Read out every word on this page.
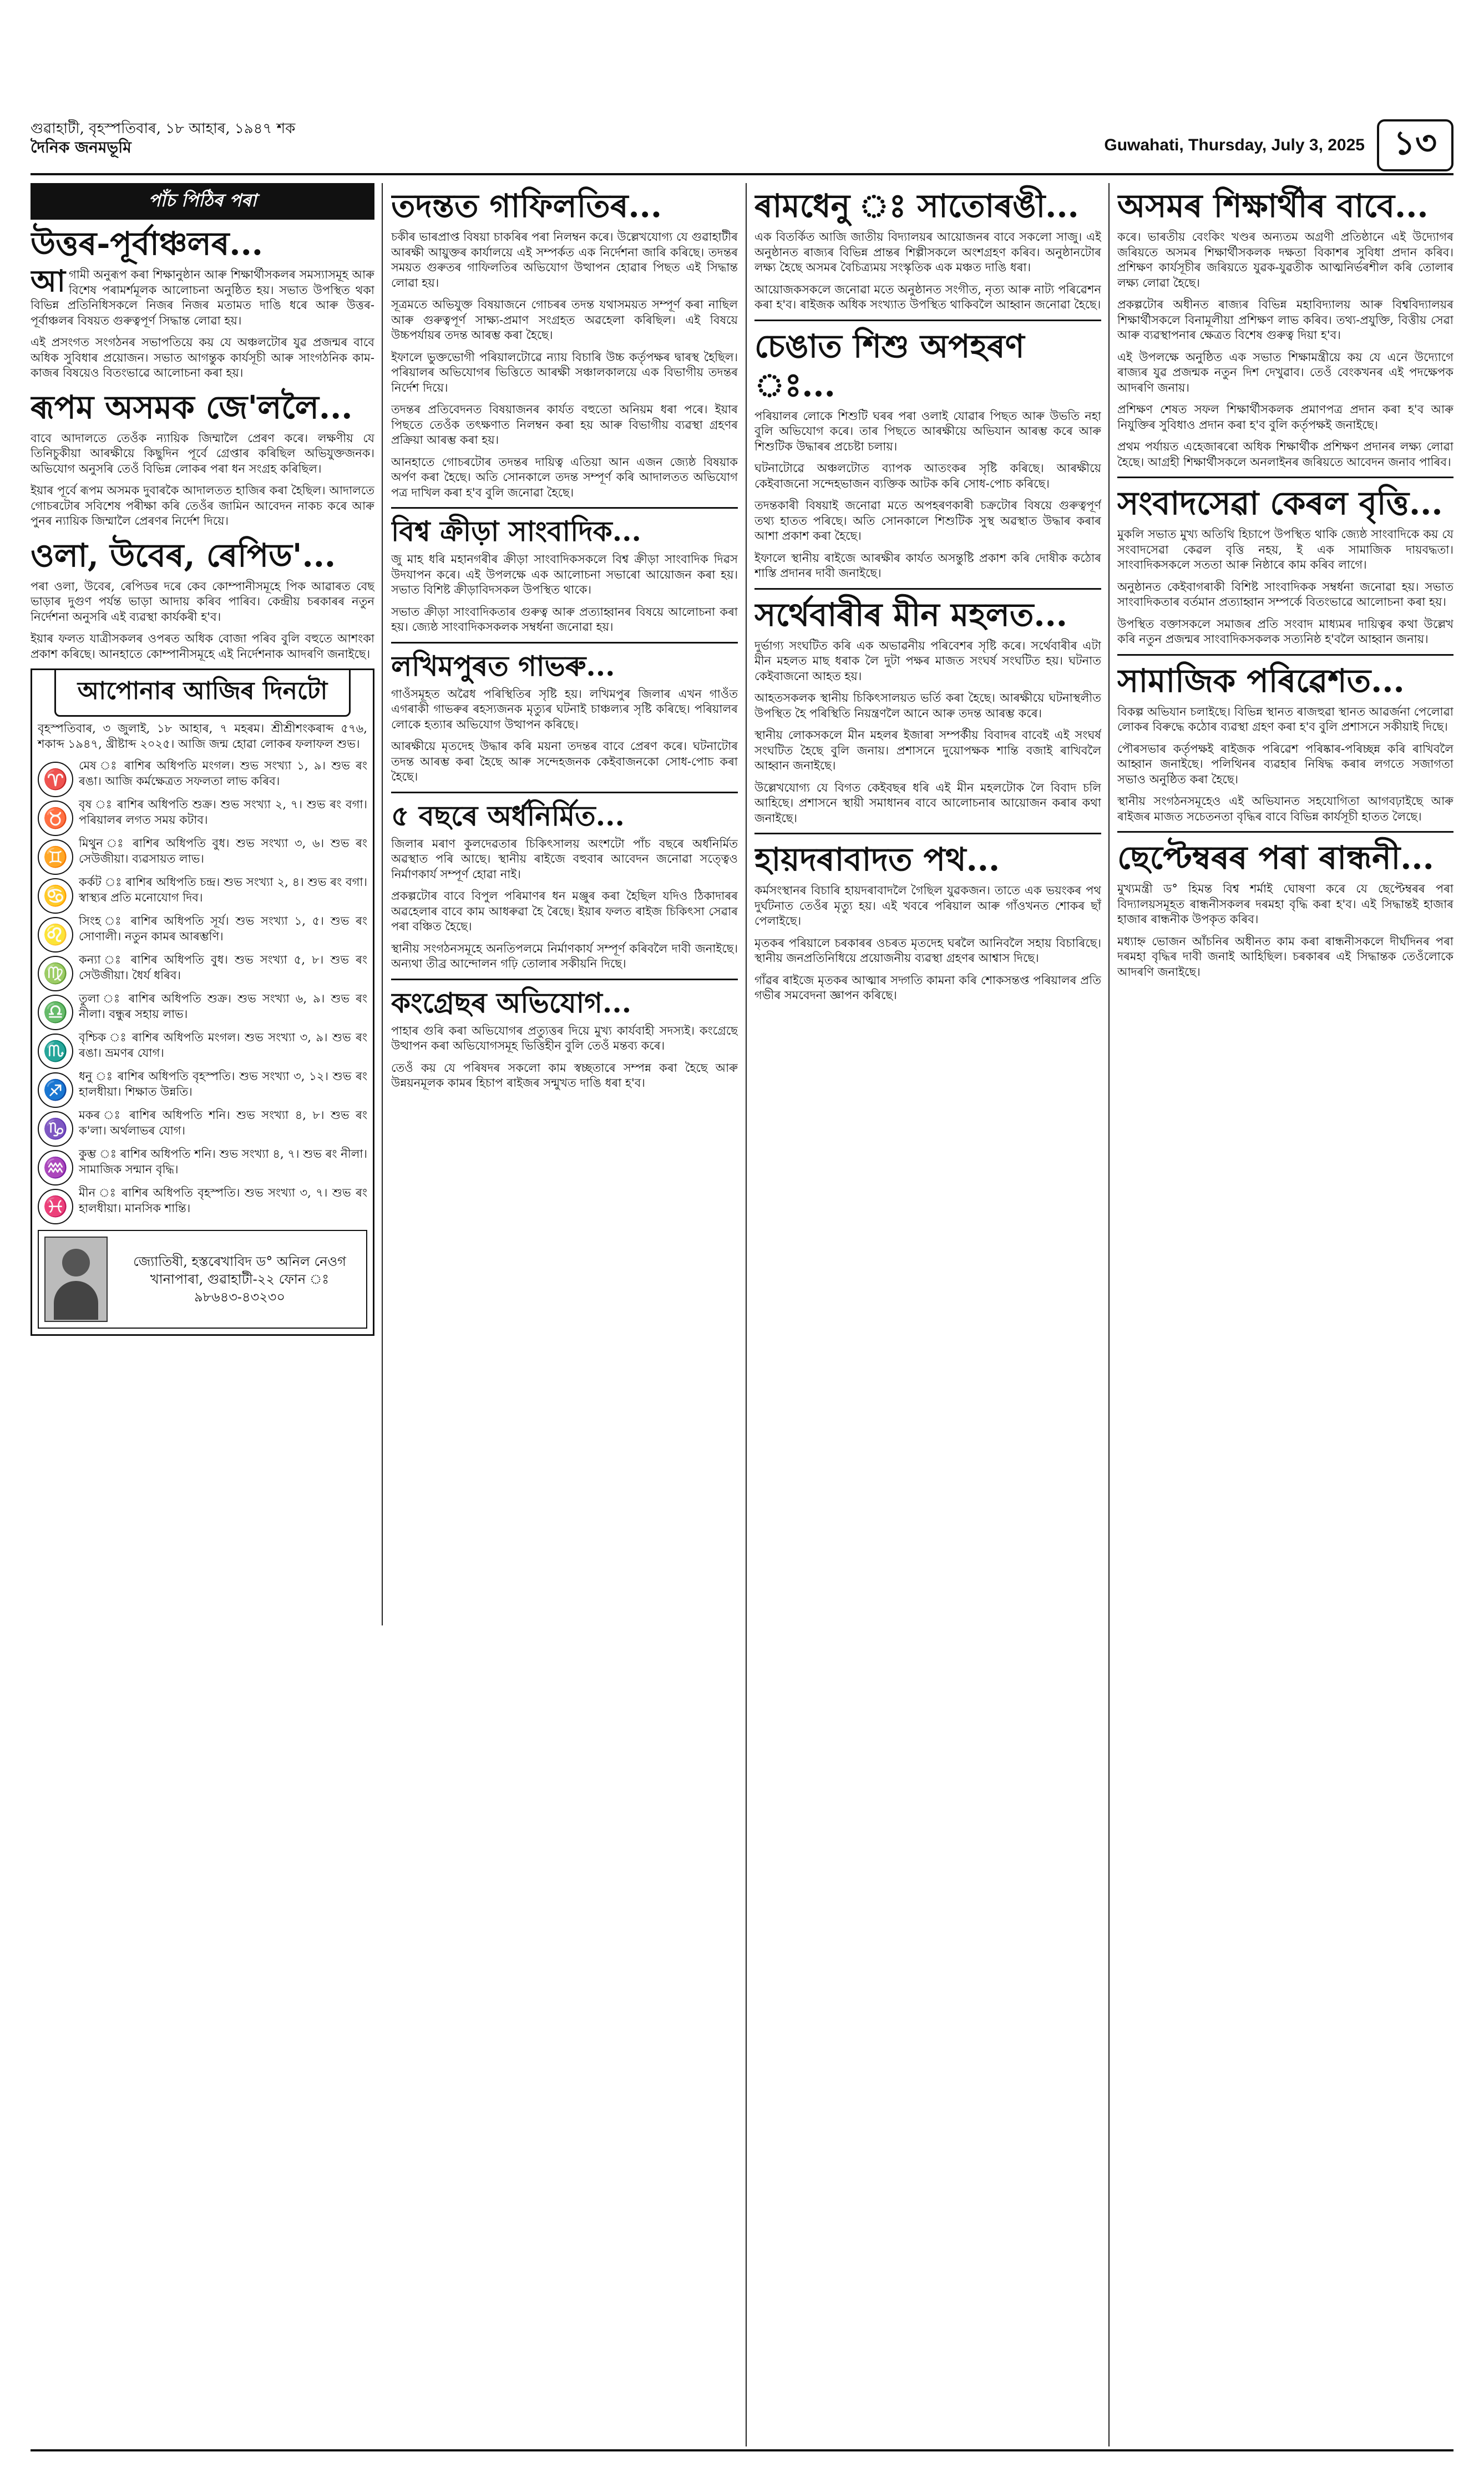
গুৱাহাটী, বৃহস্পতিবাৰ, ১৮ আহাৰ, ১৯৪৭ শক
দৈনিক জনমভূমি	Guwahati, Thursday, July 3, 2025 ১৩
পাঁচ পিঠিৰ পৰা
উত্তৰ-পূৰ্বাঞ্চলৰ...

আগামী অনুৰূপ কৰা শিক্ষানুষ্ঠান আৰু শিক্ষাৰ্থীসকলৰ সমস্যাসমূহ আৰু বিশেষ পৰামৰ্শমূলক আলোচনা অনুষ্ঠিত হয়। সভাত উপস্থিত থকা বিভিন্ন প্ৰতিনিধিসকলে নিজৰ নিজৰ মতামত দাঙি ধৰে আৰু উত্তৰ-পূৰ্বাঞ্চলৰ বিষয়ত গুৰুত্বপূৰ্ণ সিদ্ধান্ত লোৱা হয়।

এই প্ৰসংগত সংগঠনৰ সভাপতিয়ে কয় যে অঞ্চলটোৰ যুৱ প্ৰজন্মৰ বাবে অধিক সুবিধাৰ প্ৰয়োজন। সভাত আগন্তুক কাৰ্যসূচী আৰু সাংগঠনিক কাম-কাজৰ বিষয়েও বিতংভাৱে আলোচনা কৰা হয়।

ৰূপম অসমক জে'ললৈ...

বাবে আদালতে তেওঁক ন্যায়িক জিম্মালৈ প্ৰেৰণ কৰে। লক্ষণীয় যে তিনিচুকীয়া আৰক্ষীয়ে কিছুদিন পূৰ্বে গ্ৰেপ্তাৰ কৰিছিল অভিযুক্তজনক। অভিযোগ অনুসৰি তেওঁ বিভিন্ন লোকৰ পৰা ধন সংগ্ৰহ কৰিছিল।

ইয়াৰ পূৰ্বে ৰূপম অসমক দুবাৰকৈ আদালতত হাজিৰ কৰা হৈছিল। আদালতে গোচৰটোৰ সবিশেষ পৰীক্ষা কৰি তেওঁৰ জামিন আবেদন নাকচ কৰে আৰু পুনৰ ন্যায়িক জিম্মালৈ প্ৰেৰণৰ নিৰ্দেশ দিয়ে।

ওলা, উবেৰ, ৰেপিড'...

পৰা ওলা, উবেৰ, ৰেপিডৰ দৰে কেব কোম্পানীসমূহে পিক আৱাৰত বেছ ভাড়াৰ দুগুণ পৰ্যন্ত ভাড়া আদায় কৰিব পাৰিব। কেন্দ্ৰীয় চৰকাৰৰ নতুন নিৰ্দেশনা অনুসৰি এই ব্যৱস্থা কাৰ্যকৰী হ'ব।

ইয়াৰ ফলত যাত্ৰীসকলৰ ওপৰত অধিক বোজা পৰিব বুলি বহুতে আশংকা প্ৰকাশ কৰিছে। আনহাতে কোম্পানীসমূহে এই নিৰ্দেশনাক আদৰণি জনাইছে।

আপোনাৰ আজিৰ দিনটো

বৃহস্পতিবাৰ, ৩ জুলাই, ১৮ আহাৰ, ৭ মহৰম। শ্ৰীশ্ৰীশংকৰাব্দ ৫৭৬, শকাব্দ ১৯৪৭, খ্ৰীষ্টাব্দ ২০২৫। আজি জন্ম হোৱা লোকৰ ফলাফল শুভ।

♈

মেষ ঃ ৰাশিৰ অধিপতি মংগল। শুভ সংখ্যা ১, ৯। শুভ ৰং ৰঙা। আজি কৰ্মক্ষেত্ৰত সফলতা লাভ কৰিব।

♉

বৃষ ঃ ৰাশিৰ অধিপতি শুক্ৰ। শুভ সংখ্যা ২, ৭। শুভ ৰং বগা। পৰিয়ালৰ লগত সময় কটাব।

♊

মিথুন ঃ ৰাশিৰ অধিপতি বুধ। শুভ সংখ্যা ৩, ৬। শুভ ৰং সেউজীয়া। ব্যৱসায়ত লাভ।

♋

কৰ্কট ঃ ৰাশিৰ অধিপতি চন্দ্ৰ। শুভ সংখ্যা ২, ৪। শুভ ৰং বগা। স্বাস্থ্যৰ প্ৰতি মনোযোগ দিব।

♌

সিংহ ঃ ৰাশিৰ অধিপতি সূৰ্য। শুভ সংখ্যা ১, ৫। শুভ ৰং সোণালী। নতুন কামৰ আৰম্ভণি।

♍

কন্যা ঃ ৰাশিৰ অধিপতি বুধ। শুভ সংখ্যা ৫, ৮। শুভ ৰং সেউজীয়া। ধৈৰ্য ধৰিব।

♎

তুলা ঃ ৰাশিৰ অধিপতি শুক্ৰ। শুভ সংখ্যা ৬, ৯। শুভ ৰং নীলা। বন্ধুৰ সহায় লাভ।

♏

বৃশ্চিক ঃ ৰাশিৰ অধিপতি মংগল। শুভ সংখ্যা ৩, ৯। শুভ ৰং ৰঙা। ভ্ৰমণৰ যোগ।

♐

ধনু ঃ ৰাশিৰ অধিপতি বৃহস্পতি। শুভ সংখ্যা ৩, ১২। শুভ ৰং হালধীয়া। শিক্ষাত উন্নতি।

♑

মকৰ ঃ ৰাশিৰ অধিপতি শনি। শুভ সংখ্যা ৪, ৮। শুভ ৰং ক'লা। অৰ্থলাভৰ যোগ।

♒

কুম্ভ ঃ ৰাশিৰ অধিপতি শনি। শুভ সংখ্যা ৪, ৭। শুভ ৰং নীলা। সামাজিক সন্মান বৃদ্ধি।

♓

মীন ঃ ৰাশিৰ অধিপতি বৃহস্পতি। শুভ সংখ্যা ৩, ৭। শুভ ৰং হালধীয়া। মানসিক শান্তি।

জ্যোতিষী, হস্তৰেখাবিদ ড° অনিল নেওগ খানাপাৰা, গুৱাহাটী-২২ ফোন ঃ ৯৮৬৪৩-৪৩২৩০
তদন্তত গাফিলতিৰ...

চকীৰ ভাৰপ্ৰাপ্ত বিষয়া চাকৰিৰ পৰা নিলম্বন কৰে। উল্লেখযোগ্য যে গুৱাহাটীৰ আৰক্ষী আয়ুক্তৰ কাৰ্যালয়ে এই সম্পৰ্কত এক নিৰ্দেশনা জাৰি কৰিছে। তদন্তৰ সময়ত গুৰুতৰ গাফিলতিৰ অভিযোগ উত্থাপন হোৱাৰ পিছত এই সিদ্ধান্ত লোৱা হয়।

সূত্ৰমতে অভিযুক্ত বিষয়াজনে গোচৰৰ তদন্ত যথাসময়ত সম্পূৰ্ণ কৰা নাছিল আৰু গুৰুত্বপূৰ্ণ সাক্ষ্য-প্ৰমাণ সংগ্ৰহত অৱহেলা কৰিছিল। এই বিষয়ে উচ্চপৰ্যায়ৰ তদন্ত আৰম্ভ কৰা হৈছে।

ইফালে ভুক্তভোগী পৰিয়ালটোৱে ন্যায় বিচাৰি উচ্চ কৰ্তৃপক্ষৰ দ্বাৰস্থ হৈছিল। পৰিয়ালৰ অভিযোগৰ ভিত্তিতে আৰক্ষী সঞ্চালকালয়ে এক বিভাগীয় তদন্তৰ নিৰ্দেশ দিয়ে।

তদন্তৰ প্ৰতিবেদনত বিষয়াজনৰ কাৰ্যত বহুতো অনিয়ম ধৰা পৰে। ইয়াৰ পিছতে তেওঁক তৎক্ষণাত নিলম্বন কৰা হয় আৰু বিভাগীয় ব্যৱস্থা গ্ৰহণৰ প্ৰক্ৰিয়া আৰম্ভ কৰা হয়।

আনহাতে গোচৰটোৰ তদন্তৰ দায়িত্ব এতিয়া আন এজন জ্যেষ্ঠ বিষয়াক অৰ্পণ কৰা হৈছে। অতি সোনকালে তদন্ত সম্পূৰ্ণ কৰি আদালতত অভিযোগ পত্ৰ দাখিল কৰা হ'ব বুলি জনোৱা হৈছে।

বিশ্ব ক্ৰীড়া সাংবাদিক...

জু মাহ ধৰি মহানগৰীৰ ক্ৰীড়া সাংবাদিকসকলে বিশ্ব ক্ৰীড়া সাংবাদিক দিৱস উদযাপন কৰে। এই উপলক্ষে এক আলোচনা সভাৰো আয়োজন কৰা হয়। সভাত বিশিষ্ট ক্ৰীড়াবিদসকল উপস্থিত থাকে।

সভাত ক্ৰীড়া সাংবাদিকতাৰ গুৰুত্ব আৰু প্ৰত্যাহ্বানৰ বিষয়ে আলোচনা কৰা হয়। জ্যেষ্ঠ সাংবাদিকসকলক সম্বৰ্ধনা জনোৱা হয়।

লখিমপুৰত গাভৰু...

গাওঁসমূহত অৱৈধ পৰিস্থিতিৰ সৃষ্টি হয়। লখিমপুৰ জিলাৰ এখন গাওঁত এগৰাকী গাভৰুৰ ৰহস্যজনক মৃত্যুৰ ঘটনাই চাঞ্চল্যৰ সৃষ্টি কৰিছে। পৰিয়ালৰ লোকে হত্যাৰ অভিযোগ উত্থাপন কৰিছে।

আৰক্ষীয়ে মৃতদেহ উদ্ধাৰ কৰি ময়না তদন্তৰ বাবে প্ৰেৰণ কৰে। ঘটনাটোৰ তদন্ত আৰম্ভ কৰা হৈছে আৰু সন্দেহজনক কেইবাজনকো সোধ-পোচ কৰা হৈছে।

৫ বছৰে অৰ্ধনিৰ্মিত...

জিলাৰ মৰাণ কুলদেৱতাৰ চিকিৎসালয় অংশটো পাঁচ বছৰে অৰ্ধনিৰ্মিত অৱস্থাত পৰি আছে। স্থানীয় ৰাইজে বহুবাৰ আবেদন জনোৱা সত্ত্বেও নিৰ্মাণকাৰ্য সম্পূৰ্ণ হোৱা নাই।

প্ৰকল্পটোৰ বাবে বিপুল পৰিমাণৰ ধন মঞ্জুৰ কৰা হৈছিল যদিও ঠিকাদাৰৰ অৱহেলাৰ বাবে কাম আধৰুৱা হৈ ৰৈছে। ইয়াৰ ফলত ৰাইজ চিকিৎসা সেৱাৰ পৰা বঞ্চিত হৈছে।

স্থানীয় সংগঠনসমূহে অনতিপলমে নিৰ্মাণকাৰ্য সম্পূৰ্ণ কৰিবলৈ দাবী জনাইছে। অন্যথা তীব্ৰ আন্দোলন গঢ়ি তোলাৰ সকীয়নি দিছে।

কংগ্ৰেছৰ অভিযোগ...

পাহাৰ গুৰি কৰা অভিযোগৰ প্ৰত্যুত্তৰ দিয়ে মুখ্য কাৰ্যবাহী সদস্যই। কংগ্ৰেছে উত্থাপন কৰা অভিযোগসমূহ ভিত্তিহীন বুলি তেওঁ মন্তব্য কৰে।

তেওঁ কয় যে পৰিষদৰ সকলো কাম স্বচ্ছতাৰে সম্পন্ন কৰা হৈছে আৰু উন্নয়নমূলক কামৰ হিচাপ ৰাইজৰ সন্মুখত দাঙি ধৰা হ'ব।

ৰামধেনু ঃ সাতোৰঙী...

এক বিতৰ্কিত আজি জাতীয় বিদ্যালয়ৰ আয়োজনৰ বাবে সকলো সাজু। এই অনুষ্ঠানত ৰাজ্যৰ বিভিন্ন প্ৰান্তৰ শিল্পীসকলে অংশগ্ৰহণ কৰিব। অনুষ্ঠানটোৰ লক্ষ্য হৈছে অসমৰ বৈচিত্ৰ্যময় সংস্কৃতিক এক মঞ্চত দাঙি ধৰা।

আয়োজকসকলে জনোৱা মতে অনুষ্ঠানত সংগীত, নৃত্য আৰু নাট্য পৰিৱেশন কৰা হ'ব। ৰাইজক অধিক সংখ্যাত উপস্থিত থাকিবলৈ আহ্বান জনোৱা হৈছে।

চেঙাত শিশু অপহৰণ ঃ...

পৰিয়ালৰ লোকে শিশুটি ঘৰৰ পৰা ওলাই যোৱাৰ পিছত আৰু উভতি নহা বুলি অভিযোগ কৰে। তাৰ পিছতে আৰক্ষীয়ে অভিযান আৰম্ভ কৰে আৰু শিশুটিক উদ্ধাৰৰ প্ৰচেষ্টা চলায়।

ঘটনাটোৱে অঞ্চলটোত ব্যাপক আতংকৰ সৃষ্টি কৰিছে। আৰক্ষীয়ে কেইবাজনো সন্দেহভাজন ব্যক্তিক আটক কৰি সোধ-পোচ কৰিছে।

তদন্তকাৰী বিষয়াই জনোৱা মতে অপহৰণকাৰী চক্ৰটোৰ বিষয়ে গুৰুত্বপূৰ্ণ তথ্য হাতত পৰিছে। অতি সোনকালে শিশুটিক সুস্থ অৱস্থাত উদ্ধাৰ কৰাৰ আশা প্ৰকাশ কৰা হৈছে।

ইফালে স্থানীয় ৰাইজে আৰক্ষীৰ কাৰ্যত অসন্তুষ্টি প্ৰকাশ কৰি দোষীক কঠোৰ শাস্তি প্ৰদানৰ দাবী জনাইছে।

সৰ্থেবাৰীৰ মীন মহলত...

দুৰ্ভাগ্য সংঘটিত কৰি এক অভাৱনীয় পৰিবেশৰ সৃষ্টি কৰে। সৰ্থেবাৰীৰ এটা মীন মহলত মাছ ধৰাক লৈ দুটা পক্ষৰ মাজত সংঘৰ্ষ সংঘটিত হয়। ঘটনাত কেইবাজনো আহত হয়।

আহতসকলক স্থানীয় চিকিৎসালয়ত ভৰ্তি কৰা হৈছে। আৰক্ষীয়ে ঘটনাস্থলীত উপস্থিত হৈ পৰিস্থিতি নিয়ন্ত্ৰণলৈ আনে আৰু তদন্ত আৰম্ভ কৰে।

স্থানীয় লোকসকলে মীন মহলৰ ইজাৰা সম্পৰ্কীয় বিবাদৰ বাবেই এই সংঘৰ্ষ সংঘটিত হৈছে বুলি জনায়। প্ৰশাসনে দুয়োপক্ষক শান্তি বজাই ৰাখিবলৈ আহ্বান জনাইছে।

উল্লেখযোগ্য যে বিগত কেইবছৰ ধৰি এই মীন মহলটোক লৈ বিবাদ চলি আহিছে। প্ৰশাসনে স্থায়ী সমাধানৰ বাবে আলোচনাৰ আয়োজন কৰাৰ কথা জনাইছে।

হায়দৰাবাদত পথ...

কৰ্মসংস্থানৰ বিচাৰি হায়দৰাবাদলৈ গৈছিল যুৱকজন। তাতে এক ভয়ংকৰ পথ দুৰ্ঘটনাত তেওঁৰ মৃত্যু হয়। এই খবৰে পৰিয়াল আৰু গাঁওখনত শোকৰ ছাঁ পেলাইছে।

মৃতকৰ পৰিয়ালে চৰকাৰৰ ওচৰত মৃতদেহ ঘৰলৈ আনিবলৈ সহায় বিচাৰিছে। স্থানীয় জনপ্ৰতিনিধিয়ে প্ৰয়োজনীয় ব্যৱস্থা গ্ৰহণৰ আশ্বাস দিছে।

গাঁৱৰ ৰাইজে মৃতকৰ আত্মাৰ সদ্গতি কামনা কৰি শোকসন্তপ্ত পৰিয়ালৰ প্ৰতি গভীৰ সমবেদনা জ্ঞাপন কৰিছে।

অসমৰ শিক্ষাৰ্থীৰ বাবে...

কৰে। ভাৰতীয় বেংকিং খণ্ডৰ অন্যতম অগ্ৰণী প্ৰতিষ্ঠানে এই উদ্যোগৰ জৰিয়তে অসমৰ শিক্ষাৰ্থীসকলক দক্ষতা বিকাশৰ সুবিধা প্ৰদান কৰিব। প্ৰশিক্ষণ কাৰ্যসূচীৰ জৰিয়তে যুৱক-যুৱতীক আত্মনিৰ্ভৰশীল কৰি তোলাৰ লক্ষ্য লোৱা হৈছে।

প্ৰকল্পটোৰ অধীনত ৰাজ্যৰ বিভিন্ন মহাবিদ্যালয় আৰু বিশ্ববিদ্যালয়ৰ শিক্ষাৰ্থীসকলে বিনামূলীয়া প্ৰশিক্ষণ লাভ কৰিব। তথ্য-প্ৰযুক্তি, বিত্তীয় সেৱা আৰু ব্যৱস্থাপনাৰ ক্ষেত্ৰত বিশেষ গুৰুত্ব দিয়া হ'ব।

এই উপলক্ষে অনুষ্ঠিত এক সভাত শিক্ষামন্ত্ৰীয়ে কয় যে এনে উদ্যোগে ৰাজ্যৰ যুৱ প্ৰজন্মক নতুন দিশ দেখুৱাব। তেওঁ বেংকখনৰ এই পদক্ষেপক আদৰণি জনায়।

প্ৰশিক্ষণ শেষত সফল শিক্ষাৰ্থীসকলক প্ৰমাণপত্ৰ প্ৰদান কৰা হ'ব আৰু নিযুক্তিৰ সুবিধাও প্ৰদান কৰা হ'ব বুলি কৰ্তৃপক্ষই জনাইছে।

প্ৰথম পৰ্যায়ত এহেজাৰৰো অধিক শিক্ষাৰ্থীক প্ৰশিক্ষণ প্ৰদানৰ লক্ষ্য লোৱা হৈছে। আগ্ৰহী শিক্ষাৰ্থীসকলে অনলাইনৰ জৰিয়তে আবেদন জনাব পাৰিব।

সংবাদসেৱা কেৰল বৃত্তি...

মুকলি সভাত মুখ্য অতিথি হিচাপে উপস্থিত থাকি জ্যেষ্ঠ সাংবাদিকে কয় যে সংবাদসেৱা কেৱল বৃত্তি নহয়, ই এক সামাজিক দায়বদ্ধতা। সাংবাদিকসকলে সততা আৰু নিষ্ঠাৰে কাম কৰিব লাগে।

অনুষ্ঠানত কেইবাগৰাকী বিশিষ্ট সাংবাদিকক সম্বৰ্ধনা জনোৱা হয়। সভাত সাংবাদিকতাৰ বৰ্তমান প্ৰত্যাহ্বান সম্পৰ্কে বিতংভাৱে আলোচনা কৰা হয়।

উপস্থিত বক্তাসকলে সমাজৰ প্ৰতি সংবাদ মাধ্যমৰ দায়িত্বৰ কথা উল্লেখ কৰি নতুন প্ৰজন্মৰ সাংবাদিকসকলক সত্যনিষ্ঠ হ'বলৈ আহ্বান জনায়।

সামাজিক পৰিৱেশত...

বিকল্প অভিযান চলাইছে। বিভিন্ন স্থানত ৰাজহুৱা স্থানত আৱৰ্জনা পেলোৱা লোকৰ বিৰুদ্ধে কঠোৰ ব্যৱস্থা গ্ৰহণ কৰা হ'ব বুলি প্ৰশাসনে সকীয়াই দিছে।

পৌৰসভাৰ কৰ্তৃপক্ষই ৰাইজক পৰিৱেশ পৰিষ্কাৰ-পৰিচ্ছন্ন কৰি ৰাখিবলৈ আহ্বান জনাইছে। পলিথিনৰ ব্যৱহাৰ নিষিদ্ধ কৰাৰ লগতে সজাগতা সভাও অনুষ্ঠিত কৰা হৈছে।

স্থানীয় সংগঠনসমূহেও এই অভিযানত সহযোগিতা আগবঢ়াইছে আৰু ৰাইজৰ মাজত সচেতনতা বৃদ্ধিৰ বাবে বিভিন্ন কাৰ্যসূচী হাতত লৈছে।

ছেপ্টেম্বৰৰ পৰা ৰান্ধনী...

মুখ্যমন্ত্ৰী ড° হিমন্ত বিশ্ব শৰ্মাই ঘোষণা কৰে যে ছেপ্টেম্বৰৰ পৰা বিদ্যালয়সমূহত ৰান্ধনীসকলৰ দৰমহা বৃদ্ধি কৰা হ'ব। এই সিদ্ধান্তই হাজাৰ হাজাৰ ৰান্ধনীক উপকৃত কৰিব।

মধ্যাহ্ন ভোজন আঁচনিৰ অধীনত কাম কৰা ৰান্ধনীসকলে দীৰ্ঘদিনৰ পৰা দৰমহা বৃদ্ধিৰ দাবী জনাই আহিছিল। চৰকাৰৰ এই সিদ্ধান্তক তেওঁলোকে আদৰণি জনাইছে।
